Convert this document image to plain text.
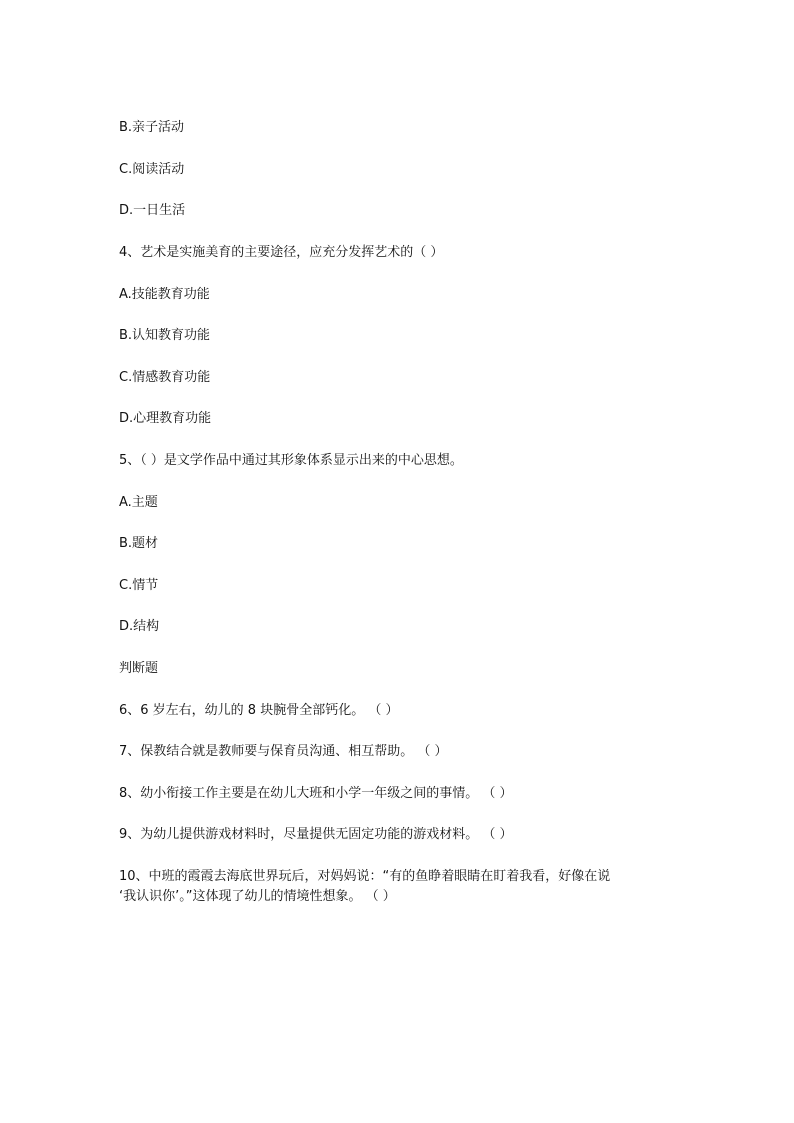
B.亲子活动
C.阅读活动
D.一日生活
4、艺术是实施美育的主要途径，应充分发挥艺术的（ ）
A.技能教育功能
B.认知教育功能
C.情感教育功能
D.心理教育功能
5、（ ）是文学作品中通过其形象体系显示出来的中心思想。
A.主题
B.题材
C.情节
D.结构
判断题
6、6 岁左右，幼儿的 8 块腕骨全部钙化。 （ ）
7、保教结合就是教师要与保育员沟通、相互帮助。 （ ）
8、幼小衔接工作主要是在幼儿大班和小学一年级之间的事情。 （ ）
9、为幼儿提供游戏材料时，尽量提供无固定功能的游戏材料。 （ ）
10、中班的霞霞去海底世界玩后，对妈妈说：“有的鱼睁着眼睛在盯着我看，好像在说
‘我认识你’。”这体现了幼儿的情境性想象。 （ ）
